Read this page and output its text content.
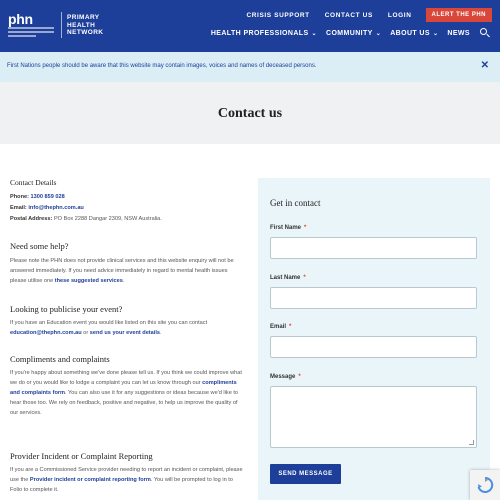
phn	PRIMARY
HEALTH
NETWORK
CRISIS SUPPORT CONTACT US LOGIN	ALERT THE PHN
HEALTH PROFESSIONALS ⌄ COMMUNITY ⌄ ABOUT US ⌄ NEWS
First Nations people should be aware that this website may contain images, voices and names of deceased persons.	✕
Contact us
Contact Details
Phone: 1300 859 028
Email: info@thephn.com.au
Postal Address: PO Box 2288 Dangar 2309, NSW Australia.
Need some help?
Please note the PHN does not provide clinical services and this website enquiry will not be answered immediately. If you need advice immediately in regard to mental health issues please utilise one these suggested services.
Looking to publicise your event?
If you have an Education event you would like listed on this site you can contact education@thephn.com.au or send us your event details.
Compliments and complaints
If you're happy about something we've done please tell us. If you think we could improve what we do or you would like to lodge a complaint you can let us know through our compliments and complaints form. You can also use it for any suggestions or ideas because we'd like to hear those too. We rely on feedback, positive and negative, to help us improve the quality of our services.
Provider Incident or Complaint Reporting
If you are a Commissioned Service provider needing to report an incident or complaint, please use the Provider incident or complaint reporting form. You will be prompted to log in to Folio to complete it.
Get in contact
First Name *
Last Name *
Email *
Message *
SEND MESSAGE
